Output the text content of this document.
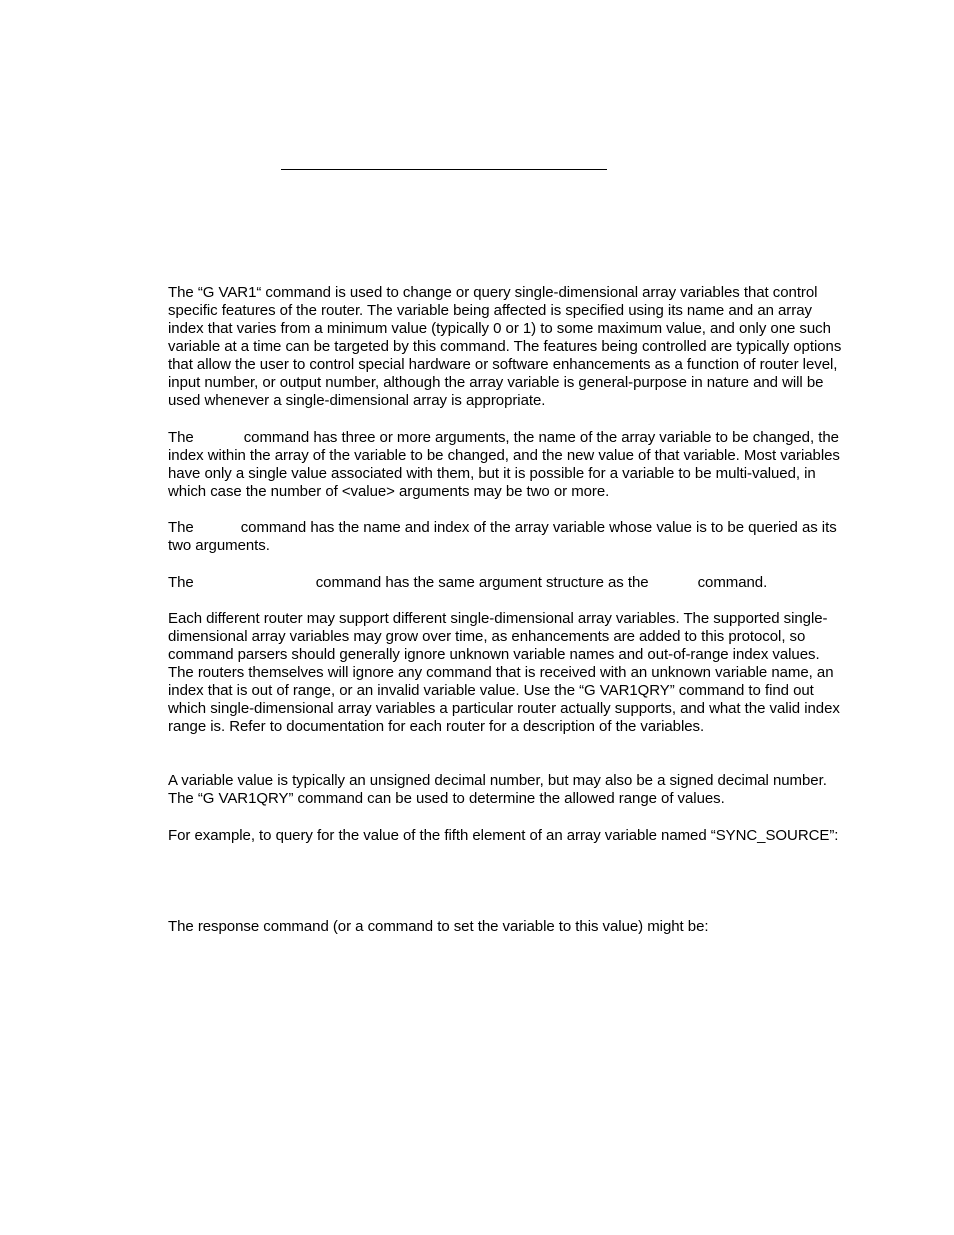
The “G VAR1“ command is used to change or query single-dimensional array variables that control specific features of the router. The variable being affected is specified using its name and an array index that varies from a minimum value (typically 0 or 1) to some maximum value, and only one such variable at a time can be targeted by this command. The features being controlled are typically options that allow the user to control special hardware or software enhancements as a function of router level, input number, or output number, although the array variable is general-purpose in nature and will be used whenever a single-dimensional array is appropriate.

The	command has three or more arguments, the name of the array variable to be changed, the index within the array of the variable to be changed, and the new value of that variable. Most variables have only a single value associated with them, but it is possible for a variable to be multi-valued, in which case the number of <value> arguments may be two or more.

The	command has the name and index of the array variable whose value is to be queried as its two arguments.

The	command has the same argument structure as the	command.

Each different router may support different single-dimensional array variables. The supported single-dimensional array variables may grow over time, as enhancements are added to this protocol, so command parsers should generally ignore unknown variable names and out-of-range index values. The routers themselves will ignore any command that is received with an unknown variable name, an index that is out of range, or an invalid variable value. Use the “G VAR1QRY” command to find out which single-dimensional array variables a particular router actually supports, and what the valid index range is. Refer to documentation for each router for a description of the variables.

A variable value is typically an unsigned decimal number, but may also be a signed decimal number. The “G VAR1QRY” command can be used to determine the allowed range of values.

For example, to query for the value of the fifth element of an array variable named “SYNC_SOURCE”:

The response command (or a command to set the variable to this value) might be:
